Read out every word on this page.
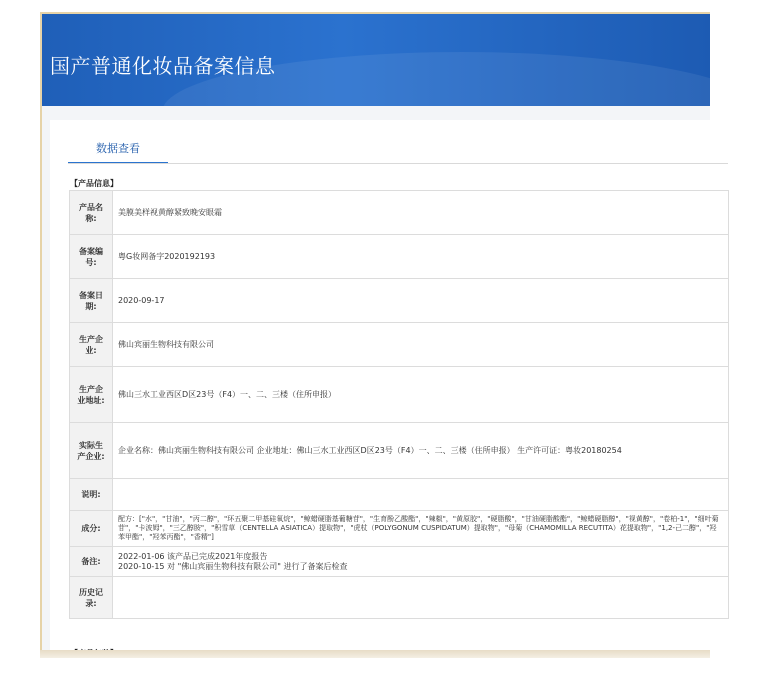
国产普通化妆品备案信息
数据查看
【产品信息】
产品名称:	美膜美样视黄醇紧致晚安眼霜
备案编号:	粤G妆网备字2020192193
备案日期:	2020-09-17
生产企业:	佛山宾丽生物科技有限公司
生产企业地址:	佛山三水工业西区D区23号（F4）一、二、三楼（住所申报）
实际生产企业:	企业名称：佛山宾丽生物科技有限公司 企业地址：佛山三水工业西区D区23号（F4）一、二、三楼（住所申报） 生产许可证：粤妆20180254
说明:	
成分:	配方：["水"，"甘油"，"丙二醇"，"环五聚二甲基硅氧烷"，"鲸蜡硬脂基葡糖苷"，"生育酚乙酸酯"，"辣椒"，"黄原胶"，"硬脂酸"，"甘油硬脂酸酯"，"鲸蜡硬脂醇"，"视黄醇"，"卷柏-1"，"细叶菊苷"，"卡波姆"，"三乙醇胺"，"积雪草（CENTELLA ASIATICA）提取物"，"虎杖（POLYGONUM CUSPIDATUM）提取物"，"母菊（CHAMOMILLA RECUTITA）花提取物"，"1,2-己二醇"，"羟苯甲酯"，"羟苯丙酯"，"香精"]
备注:	2022-01-06 该产品已完成2021年度报告
2020-10-15 对 "佛山宾丽生物科技有限公司" 进行了备案后检查
历史记录:	
